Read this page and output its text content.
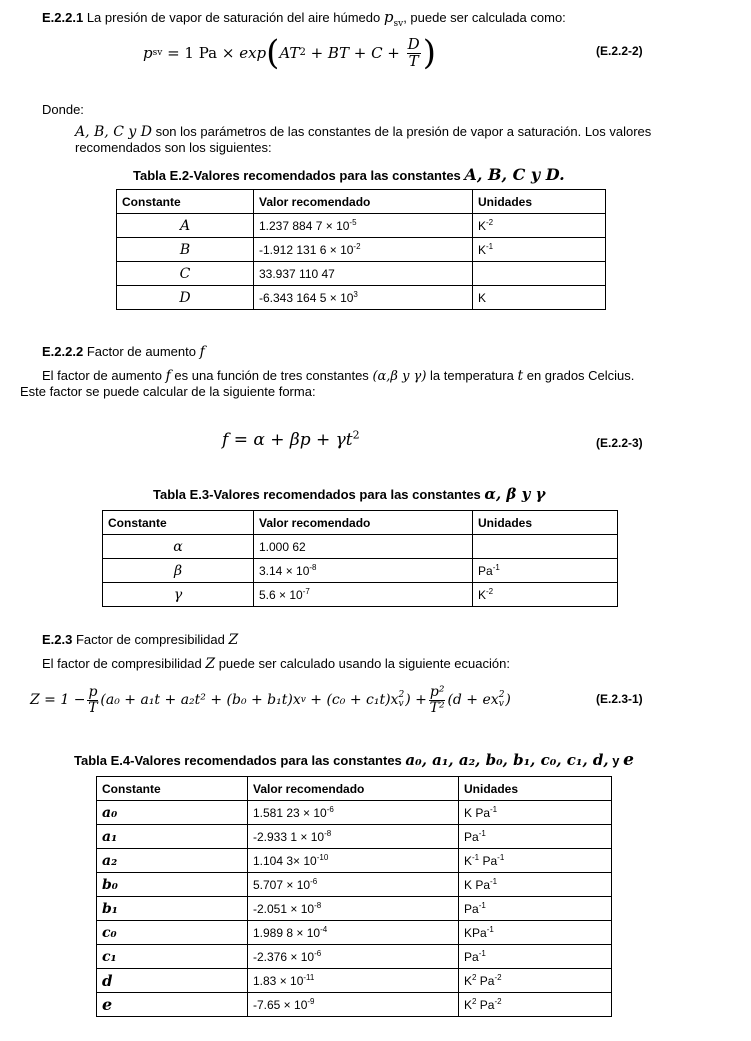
E.2.2.1 La presión de vapor de saturación del aire húmedo $p_{sv}$, puede ser calculada como:
p sv = 1 Pa × exp ( AT 2 + BT + $C + \frac{D}{T}$ )	(E.2.2-2)
Donde:
A, B, C y D son los parámetros de las constantes de la presión de vapor a saturación. Los valores recomendados son los siguientes:
Tabla E.2-Valores recomendados para las constantes A, B, C y D.
Constante	Valor recomendado	Unidades
A	1.237 884 $7 \times 10^{-5}$	$K^{-2}$
B	-1.912 131 $6 \times 10^{-2}$	$K^{-1}$
C	33.937 110 47	
D	-6.343 164 $5 \times 10^3$	K
E.2.2.2 Factor de aumento f
El factor de aumento f es una función de tres constantes (α,β y γ) la temperatura t en grados Celcius.
Este factor se puede calcular de la siguiente forma:
$f = \alpha + \beta p + \gamma t^2$
(E.2.2-3)
Tabla E.3-Valores recomendados para las constantes α, β y γ
Constante	Valor recomendado	Unidades
α	1.000 62	
β	$3.14 \times 10^{-8}$	$Pa^{-1}$
γ	$5.6 \times 10^{-7}$	$K^{-2}$
E.2.3 Factor de compresibilidad Z
El factor de compresibilidad Z puede ser calculado usando la siguiente ecuación:
$Z = 1 - \frac{p}{T} (a_0 + a_1t + a_2t^2 + (b_0 + b_1t)x$ v + (c₀ + c₁t)x 2
v ) + $\frac{\text{p²}}{\text{T²}} (d$ + ex 2
v )	(E.2.3-1)
Tabla E.4-Valores recomendados para las constantes a₀, a₁, a₂, b₀, b₁, c₀, c₁, d, y e
Constante	Valor recomendado	Unidades
a₀	1.581 $23 \times 10^{-6}$	K $Pa^{-1}$
a₁	-2.933 $1 \times 10^{-8}$	$Pa^{-1}$
a₂	1.104 $3\times 10^{-10}$	$K^{-1}$ $Pa^{-1}$
b₀	$5.707 \times 10^{-6}$	K $Pa^{-1}$
b₁	$-2.051 \times 10^{-8}$	$Pa^{-1}$
c₀	1.989 $8 \times 10^{-4}$	KPa$^{-1}$
c₁	$-2.376 \times 10^{-6}$	$Pa^{-1}$
d	$1.83 \times 10^{-11}$	$K^2$ $Pa^{-2}$
e	$-7.65 \times 10^{-9}$	$K^2$ $Pa^{-2}$
